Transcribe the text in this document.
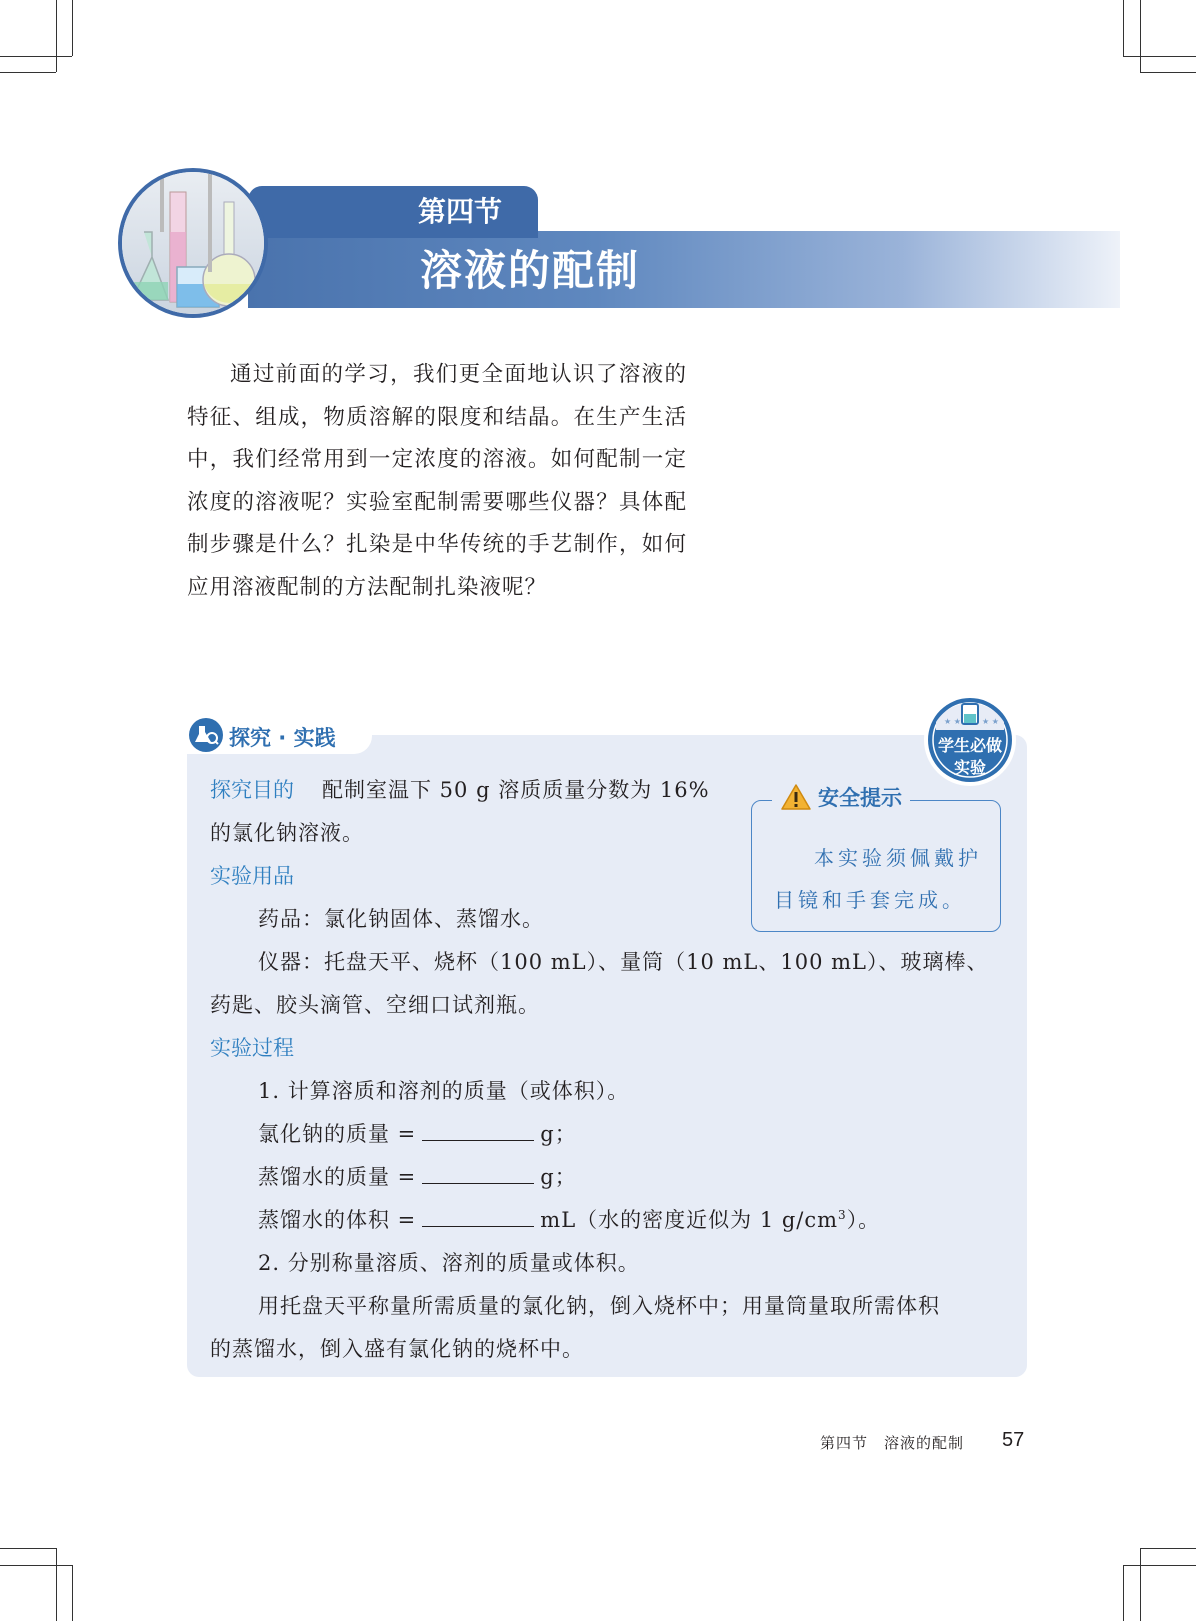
第四节
溶液的配制
通过前面的学习，我们更全面地认识了溶液的特征、组成，物质溶解的限度和结晶。在生产生活中，我们经常用到一定浓度的溶液。如何配制一定浓度的溶液呢？实验室配制需要哪些仪器？具体配制步骤是什么？扎染是中华传统的手艺制作，如何应用溶液配制的方法配制扎染液呢？
探究 · 实践
★ ★	★ ★
学生必做实验
探究目的 配制室温下 50 g 溶质质量分数为 16%
的氯化钠溶液。
实验用品
药品：氯化钠固体、蒸馏水。
仪器：托盘天平、烧杯（100 mL）、量筒（10 mL、100 mL）、玻璃棒、
药匙、胶头滴管、空细口试剂瓶。
实验过程
1. 计算溶质和溶剂的质量（或体积）。
氯化钠的质量 =	g；
蒸馏水的质量 =	g；
蒸馏水的体积 =	mL（水的密度近似为 1 $g/cm^3$）。
2. 分别称量溶质、溶剂的质量或体积。
用托盘天平称量所需质量的氯化钠，倒入烧杯中；用量筒量取所需体积
的蒸馏水，倒入盛有氯化钠的烧杯中。
安全提示
本实验须佩戴护目镜和手套完成。
第四节　溶液的配制 57
